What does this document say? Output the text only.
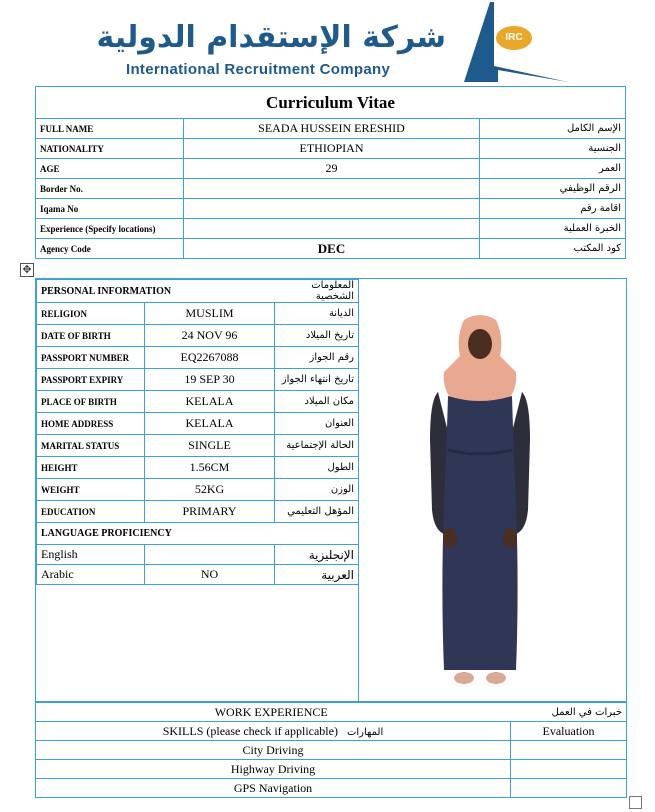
شركة الإستقدام الدولية
International Recruitment Company
IRC
Curriculum Vitae		
FULL NAME	SEADA HUSSEIN ERESHID	الإسم الكامل
NATIONALITY	ETHIOPIAN	الجنسية
AGE	29	العمر
Border No.		الرقم الوظيفي
Iqama No		اقامة رقم
Experience (Specify locations)		الخبرة العملية
Agency Code	DEC	كود المكتب
✥
PERSONAL INFORMATION		المعلومات الشخصية
RELIGION	MUSLIM	الديانة
DATE OF BIRTH	24 NOV 96	تاريخ الميلاد
PASSPORT NUMBER	EQ2267088	رقم الجواز
PASSPORT EXPIRY	19 SEP 30	تاريخ انتهاء الجواز
PLACE OF BIRTH	KELALA	مكان الميلاد
HOME ADDRESS	KELALA	العنوان
MARITAL STATUS	SINGLE	الحالة الإجتماعية
HEIGHT	1.56CM	الطول
WEIGHT	52KG	الوزن
EDUCATION	PRIMARY	المؤهل التعليمي
LANGUAGE PROFICIENCY		
English		الإنجليزية
Arabic	NO	العربية
WORK EXPERIENCE	خبرات في العمل
SKILLS (please check if applicable) المهارات	Evaluation
City Driving	
Highway Driving	
GPS Navigation	
